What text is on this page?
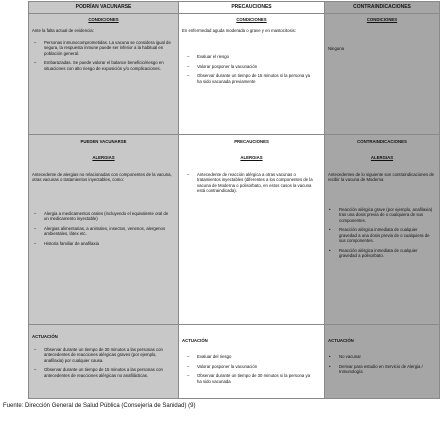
PODRÍAN VACUNARSE
CONDICIONES
Ante la falta actual de evidencia:
– Personas inmunocomprometidas. La vacuna se considera igual de segura, la respuesta inmune puede ser inferior a la habitual en población general.
– Embarazadas. Se puede valorar el balance beneficio/riesgo en situaciones con alto riesgo de exposición y/o complicaciones.
PUEDEN VACUNARSE
ALERGIAS
Antecedente de alergias no relacionadas con componentes de la vacuna, otras vacunas o tratamientos inyectables, como:
– Alergia a medicamentos orales (incluyendo el equivalente oral de un medicamento inyectable)
– Alergias alimentarias, a animales, insectos, venenos, alergenos ambientales, látex etc.
– Historia familiar de anafilaxia
ACTUACIÓN
– Observar durante un tiempo de 30 minutos a las personas con antecedentes de reacciones alérgicas graves (por ejemplo, anafilaxia) por cualquier causa.
– Observar durante un tiempo de 15 minutos a las personas con antecedentes de reacciones alérgicas no anafilácticas.
PRECAUCIONES
CONDICIONES
En enfermedad aguda moderada o grave y en mastocitosis:
– Evaluar el riesgo
– Valorar posponer la vacunación
– Observar durante un tiempo de 15 minutos si la persona ya ha sido vacunada previamente
PRECAUCIONES
ALERGIAS
– Antecedente de reacción alérgica a otras vacunas o tratamientos inyectables (diferentes a los componentes de la vacuna de Moderna o polisorbato, en estos casos la vacuna está contraindicada).
ACTUACIÓN
– Evaluar del riesgo
– Valorar posponer la vacunación
– Observar durante un tiempo de 30 minutos si la persona ya ha sido vacunada
CONTRAINDICACIONES
CONDICIONES
Ninguna
CONTRAINDICACIONES
ALERGIAS
Antecedentes de lo siguiente son contraindicaciones de recibir la vacuna de Moderna
• Reacción alérgica grave (por ejemplo, anafilaxia) tras una dosis previa de o cualquiera de sus componentes.
• Reacción alérgica inmediata de cualquier gravedad a una dosis previa de o cualquiera de sus componentes.
• Reacción alérgica inmediata de cualquier gravedad a polisorbato.
ACTUACIÓN
• No vacunar
• Derivar para estudio en Servicio de Alergia / Inmunología
Fuente: Dirección General de Salud Pública (Consejería de Sanidad) (9)
